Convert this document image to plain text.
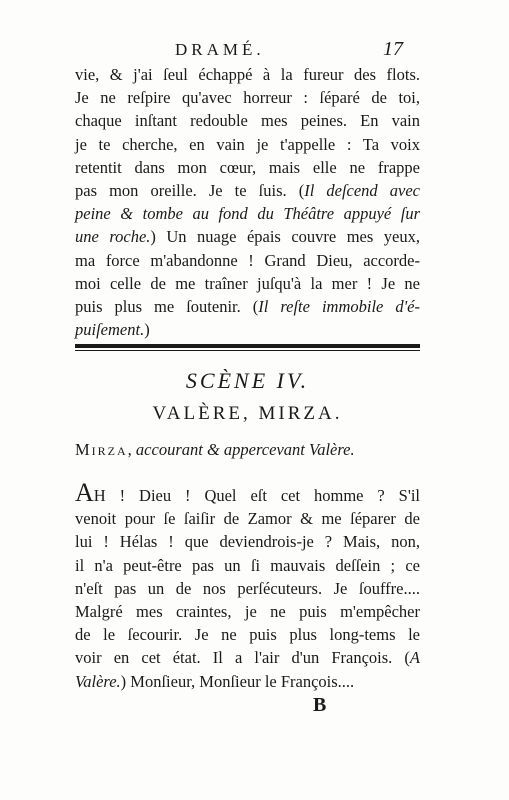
DRAMÉ.	17
vie, & j'ai ſeul échappé à la fureur des flots.
Je ne reſpire qu'avec horreur : ſéparé de toi,
chaque inſtant redouble mes peines. En vain
je te cherche, en vain je t'appelle : Ta voix
retentit dans mon cœur, mais elle ne frappe
pas mon oreille. Je te ſuis. (Il deſcend avec
peine & tombe au fond du Théâtre appuyé ſur
une roche.) Un nuage épais couvre mes yeux,
ma force m'abandonne ! Grand Dieu, accorde-
moi celle de me traîner juſqu'à la mer ! Je ne
puis plus me ſoutenir. (Il reſte immobile d'é-
puiſement.)
SCÈNE IV.
VALÈRE, MIRZA.
Mirza, accourant & appercevant Valère.
AH ! Dieu ! Quel eſt cet homme ? S'il
venoit pour ſe ſaiſir de Zamor & me ſéparer de
lui ! Hélas ! que deviendrois-je ? Mais, non,
il n'a peut-être pas un ſi mauvais deſſein ; ce
n'eſt pas un de nos perſécuteurs. Je ſouffre....
Malgré mes craintes, je ne puis m'empêcher
de le ſecourir. Je ne puis plus long-tems le
voir en cet état. Il a l'air d'un François. (A
Valère.) Monſieur, Monſieur le François....
B
